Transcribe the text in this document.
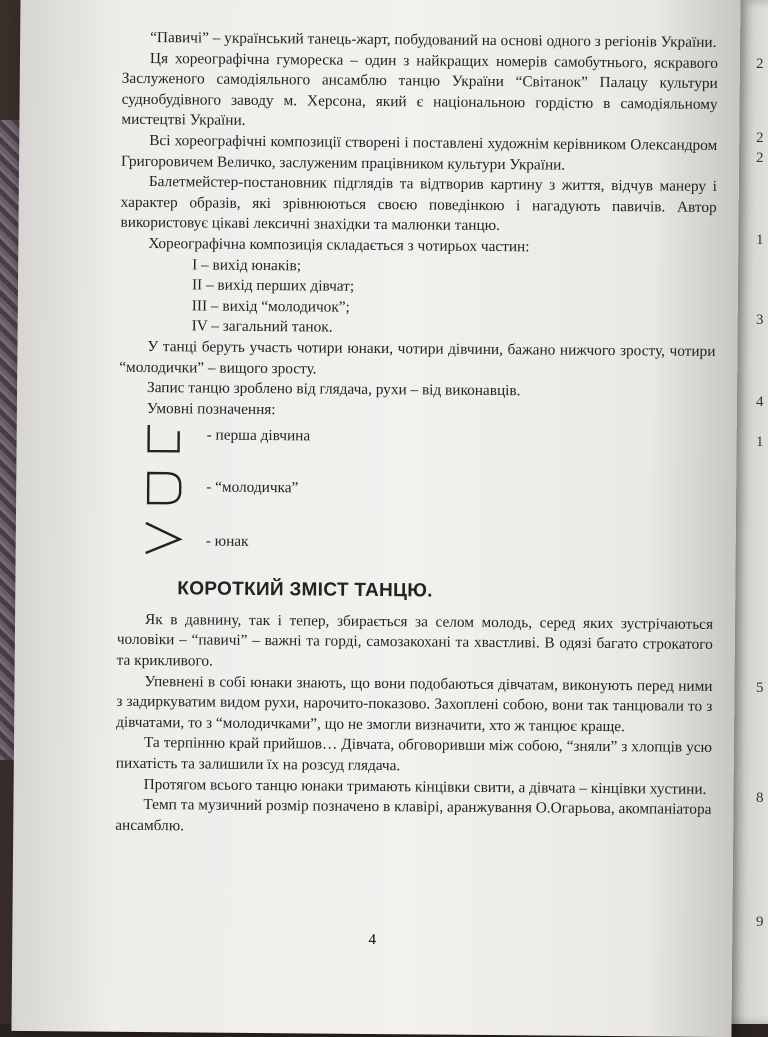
2
2
2
1
3
4
1
5
8
9

“Павичі” – український танець-жарт, побудований на основі одного з регіонів України.

Ця хореографічна гуморескa – один з найкращих номерів самобутнього, яскравого Заслуженого самодіяльного ансамблю танцю України “Світанок” Палацу культури суднобудівного заводу м. Херсона, який є національною гордістю в самодіяльному мистецтві України.

Всі хореографічні композиції створені і поставлені художнім керівником Олександром Григоровичем Величко, заслуженим працівником культури України.

Балетмейстер-постановник підглядів та відтворив картину з життя, відчув манеру і характер образів, які зрівнюються своєю поведінкою і нагадують павичів. Автор використовує цікаві лексичні знахідки та малюнки танцю.

Хореографічна композиція складається з чотирьох частин:

I – вихід юнаків;
II – вихід перших дівчат;
III – вихід “молодичок”;
IV – загальний танок.

У танці беруть участь чотири юнаки, чотири дівчини, бажано нижчого зросту, чотири “молодички” – вищого зросту.

Запис танцю зроблено від глядача, рухи – від виконавців.

Умовні позначення:

- перша дівчина
- “молодичка”
- юнак
КОРОТКИЙ ЗМІСТ ТАНЦЮ.

Як в давнину, так і тепер, збирається за селом молодь, серед яких зустрічаються чоловіки – “павичі” – важні та горді, самозакохані та хвастливі. В одязі багато строкатого та крикливого.

Упевнені в собі юнаки знають, що вони подобаються дівчатам, виконують перед ними з задиркуватим видом рухи, нарочито-показово. Захоплені собою, вони так танцювали то з дівчатами, то з “молодичками”, що не змогли визначити, хто ж танцює краще.

Та терпінню край прийшов… Дівчата, обговоривши між собою, “зняли” з хлопців усю пихатість та залишили їх на розсуд глядача.

Протягом всього танцю юнаки тримають кінцівки свити, а дівчата – кінцівки хустини.

Темп та музичний розмір позначено в клавірі, аранжування О.Огарьова, акомпаніатора ансамблю.

4
